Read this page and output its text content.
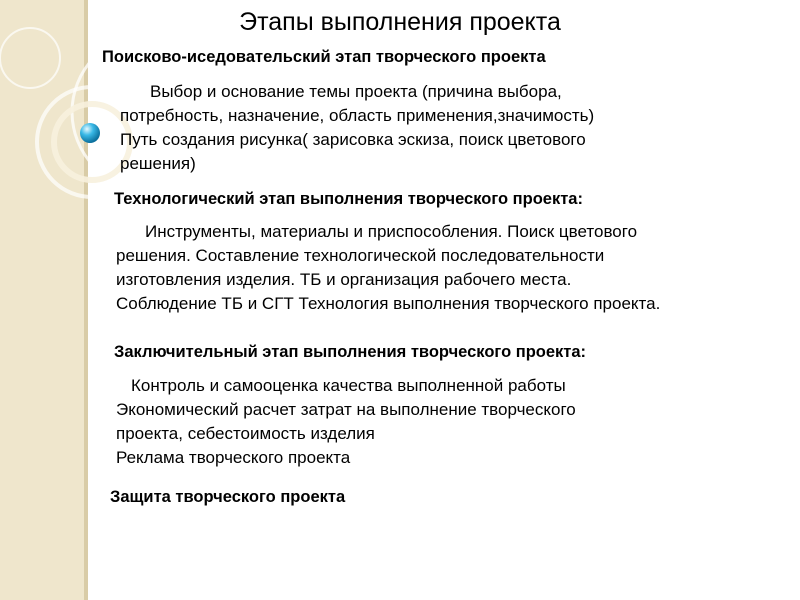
Этапы выполнения проекта
Поисково-иседовательский этап творческого проекта
Выбор и основание темы проекта (причина выбора,
потребность, назначение, область применения,значимость)
Путь создания рисунка( зарисовка эскиза, поиск цветового
решения)
Технологический этап выполнения творческого проекта:
Инструменты, материалы и приспособления. Поиск цветового
решения. Составление технологической последовательности
изготовления изделия. ТБ и организация рабочего места.
Соблюдение ТБ и СГТ Технология выполнения творческого проекта.
Заключительный этап выполнения творческого проекта:
Контроль и самооценка качества выполненной работы
Экономический расчет затрат на выполнение творческого
проекта, себестоимость изделия
Реклама творческого проекта
Защита творческого проекта
